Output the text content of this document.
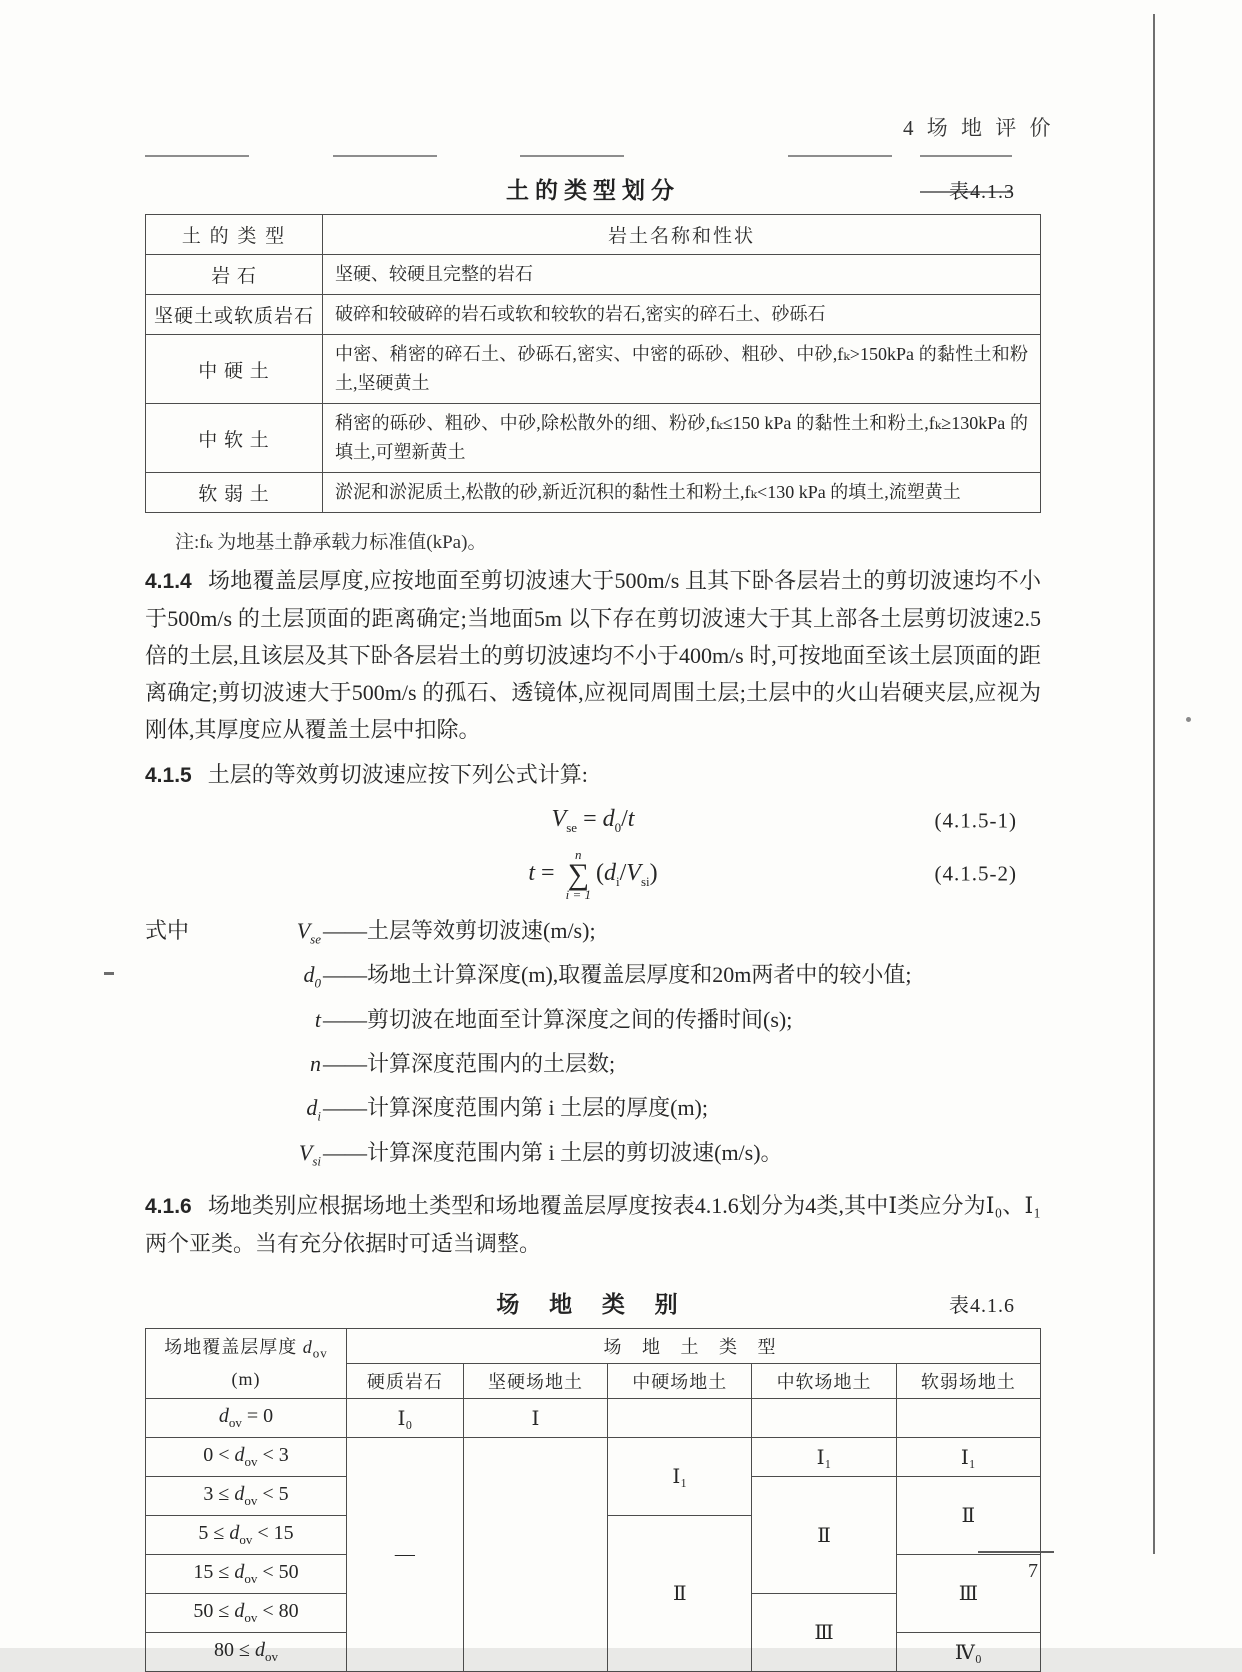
4 场 地 评 价
土的类型划分	表4.1.3
土 的 类 型	岩土名称和性状
岩 石	坚硬、较硬且完整的岩石
坚硬土或软质岩石	破碎和较破碎的岩石或软和较软的岩石,密实的碎石土、砂砾石
中 硬 土	中密、稍密的碎石土、砂砾石,密实、中密的砾砂、粗砂、中砂,fₖ>150kPa 的黏性土和粉土,坚硬黄土
中 软 土	稍密的砾砂、粗砂、中砂,除松散外的细、粉砂,fₖ≤150 kPa 的黏性土和粉土,fₖ≥130kPa 的填土,可塑新黄土
软 弱 土	淤泥和淤泥质土,松散的砂,新近沉积的黏性土和粉土,fₖ<130 kPa 的填土,流塑黄土
注:fₖ 为地基土静承载力标准值(kPa)。

4.1.4 场地覆盖层厚度,应按地面至剪切波速大于500m/s 且其下卧各层岩土的剪切波速均不小于500m/s 的土层顶面的距离确定;当地面5m 以下存在剪切波速大于其上部各土层剪切波速2.5倍的土层,且该层及其下卧各层岩土的剪切波速均不小于400m/s 时,可按地面至该土层顶面的距离确定;剪切波速大于500m/s 的孤石、透镜体,应视同周围土层;土层中的火山岩硬夹层,应视为刚体,其厚度应从覆盖土层中扣除。

4.1.5 土层的等效剪切波速应按下列公式计算:

$V_{se} = d_0/t$	(4.1.5-1)
t =
n
∑
i = 1
$(d_i/V_{si})$	(4.1.5-2)
式中	$V_{se}$ ——土层等效剪切波速(m/s);
$d_0$ ——场地土计算深度(m),取覆盖层厚度和20m两者中的较小值;
t ——剪切波在地面至计算深度之间的传播时间(s);
n ——计算深度范围内的土层数;
$d_i$ ——计算深度范围内第 i 土层的厚度(m);
$V_{si}$ ——计算深度范围内第 i 土层的剪切波速(m/s)。

4.1.6 场地类别应根据场地土类型和场地覆盖层厚度按表4.1.6划分为4类,其中Ⅰ类应分为Ⅰ₀、Ⅰ₁两个亚类。当有充分依据时可适当调整。

场 地 类 别	表4.1.6
场地覆盖层厚度 $d_{ov}$
(m)	场 地 土 类 型				
	硬质岩石	坚硬场地土	中硬场地土	中软场地土	软弱场地土
$d_{ov} = 0$	Ⅰ₀	Ⅰ			
$0 < d_{ov} < 3$	—		Ⅰ₁	Ⅰ₁	Ⅰ₁
$3 \le d_{ov} < 5$				Ⅱ	Ⅱ
$5 \le d_{ov} < 15$			Ⅱ		
$15 \le d_{ov} < 50$					Ⅲ
$50 \le d_{ov} < 80$				Ⅲ	
$80 \le d_{ov}$					Ⅳ₀
7
